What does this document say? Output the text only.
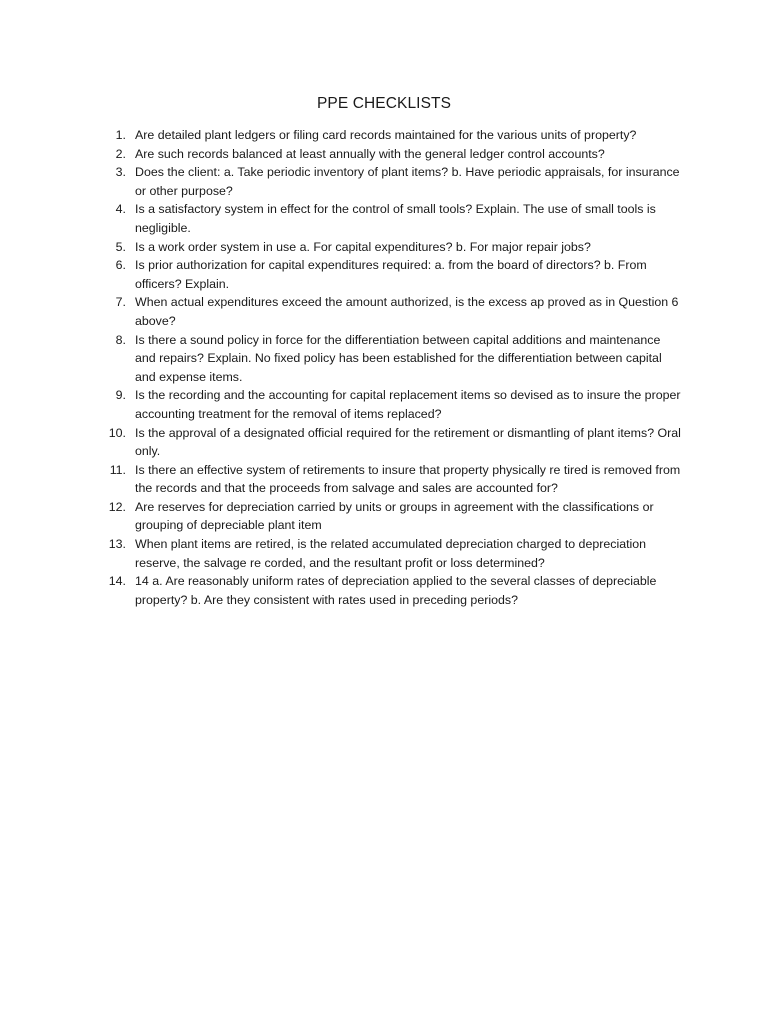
PPE CHECKLISTS
1. Are detailed plant ledgers or filing card records maintained for the various units of property?
2. Are such records balanced at least annually with the general ledger control accounts?
3. Does the client: a. Take periodic inventory of plant items? b. Have periodic appraisals, for insurance or other purpose?
4. Is a satisfactory system in effect for the control of small tools? Explain. The use of small tools is negligible.
5. Is a work order system in use a. For capital expenditures? b. For major repair jobs?
6. Is prior authorization for capital expenditures required: a. from the board of directors? b. From officers? Explain.
7. When actual expenditures exceed the amount authorized, is the excess ap proved as in Question 6 above?
8. Is there a sound policy in force for the differentiation between capital additions and maintenance and repairs? Explain. No fixed policy has been established for the differentiation between capital and expense items.
9. Is the recording and the accounting for capital replacement items so devised as to insure the proper accounting treatment for the removal of items replaced?
10. Is the approval of a designated official required for the retirement or dismantling of plant items? Oral only.
11. Is there an effective system of retirements to insure that property physically re tired is removed from the records and that the proceeds from salvage and sales are accounted for?
12. Are reserves for depreciation carried by units or groups in agreement with the classifications or grouping of depreciable plant item
13. When plant items are retired, is the related accumulated depreciation charged to depreciation reserve, the salvage re corded, and the resultant profit or loss determined?
14. 14 a. Are reasonably uniform rates of depreciation applied to the several classes of depreciable property? b. Are they consistent with rates used in preceding periods?
